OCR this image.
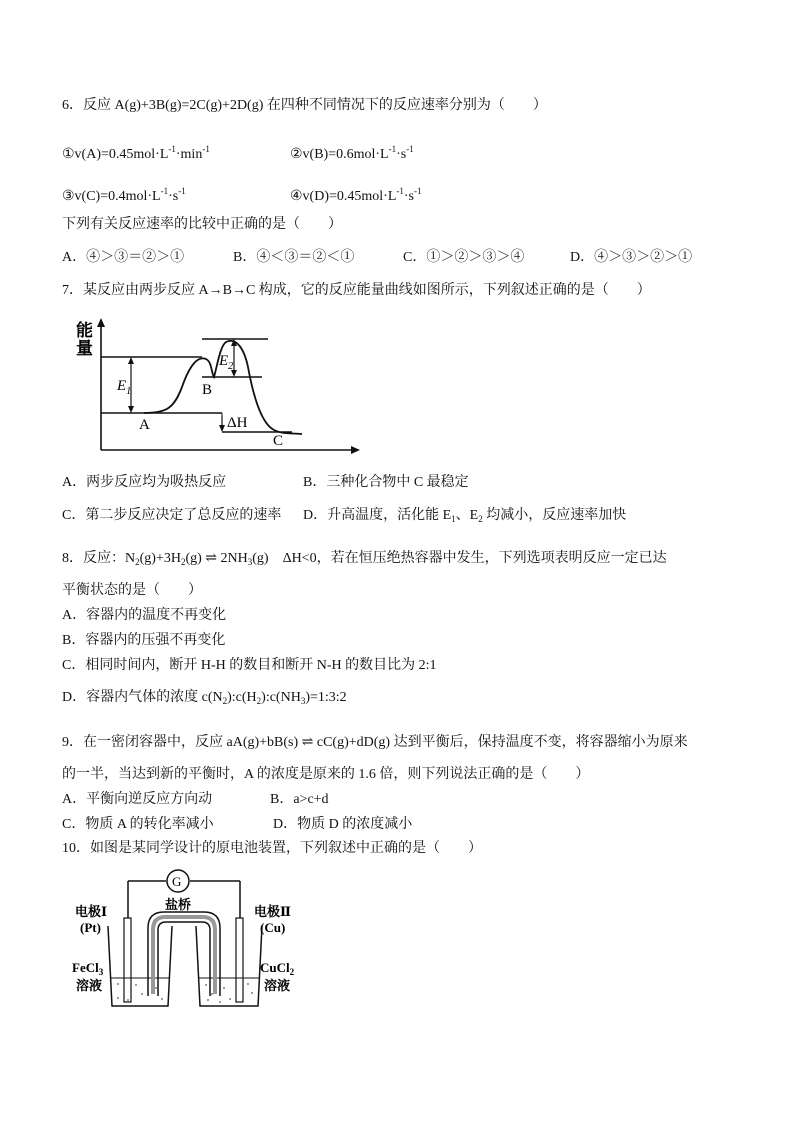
6．反应 A(g)+3B(g)=2C(g)+2D(g) 在四种不同情况下的反应速率分别为（　　）
$①v(A)=0.45mol\cdot L^{-1}\cdot\min^{-1}$	$②v(B)=0.6mol\cdot L^{-1}\cdot s^{-1}$
$③v(C)=0.4mol\cdot L^{-1}\cdot s^{-1}$	$④v(D)=0.45mol\cdot L^{-1}\cdot s^{-1}$
下列有关反应速率的比较中正确的是（　　）
A．④＞③＝②＞①	B．④＜③＝②＜①	C．①＞②＞③＞④	D．④＞③＞②＞①
7．某反应由两步反应 A→B→C 构成，它的反应能量曲线如图所示，下列叙述正确的是（　　）
能
量
$E_1$
$E_2$
ΔH
A
B
C
A．两步反应均为吸热反应	B．三种化合物中 C 最稳定
C．第二步反应决定了总反应的速率 D．升高温度，活化能 $E_1$、$E_2$ 均减小，反应速率加快
8．反应：$N_2(g)+3H_2(g)$ ⇌ $2NH_3(g)$　ΔH<0，若在恒压绝热容器中发生，下列选项表明反应一定已达
平衡状态的是（　　）
A．容器内的温度不再变化
B．容器内的压强不再变化
C．相同时间内，断开 H-H 的数目和断开 N-H 的数目比为 2:1
D．容器内气体的浓度 $c(N_2):c(H_2):c(NH_3)=1:3:2$
9．在一密闭容器中，反应 aA(g)+bB(s) ⇌ cC(g)+dD(g) 达到平衡后，保持温度不变，将容器缩小为原来
的一半，当达到新的平衡时，A 的浓度是原来的 1.6 倍，则下列说法正确的是（　　）
A．平衡向逆反应方向动	B．a>c+d
C．物质 A 的转化率减小	D．物质 D 的浓度减小
10．如图是某同学设计的原电池装置，下列叙述中正确的是（　　）
G
盐桥
电极Ⅰ
(Pt)
电极Ⅱ
(Cu)
FeCl$_3$
溶液
CuCl$_2$
溶液
